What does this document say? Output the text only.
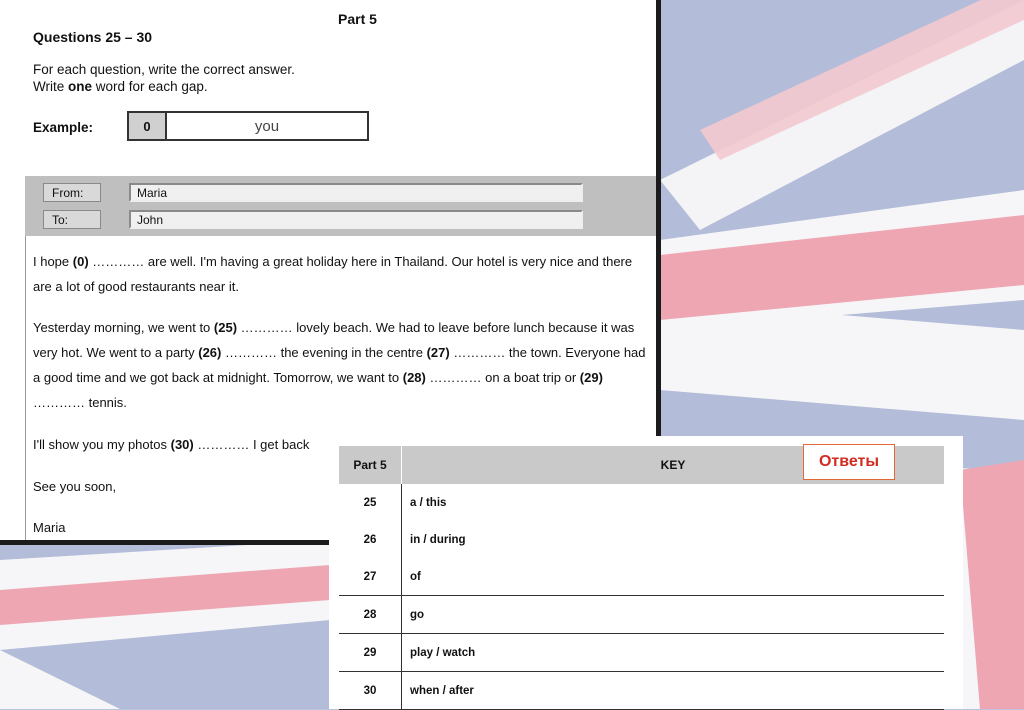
Part 5
Questions 25 – 30
For each question, write the correct answer.
Write one word for each gap.
Example:	0	you
From:	Maria
To:	John
I hope (0) ………… are well. I'm having a great holiday here in Thailand. Our hotel is very nice and there are a lot of good restaurants near it.
Yesterday morning, we went to (25) ………… lovely beach. We had to leave before lunch because it was very hot. We went to a party (26) ………… the evening in the centre (27) ………… the town. Everyone had a good time and we got back at midnight. Tomorrow, we want to (28) ………… on a boat trip or (29) ………… tennis.
I'll show you my photos (30) ………… I get back
See you soon,
Maria
Part 5	KEY
25	a / this
26	in / during
27	of
28	go
29	play / watch
30	when / after
Ответы
